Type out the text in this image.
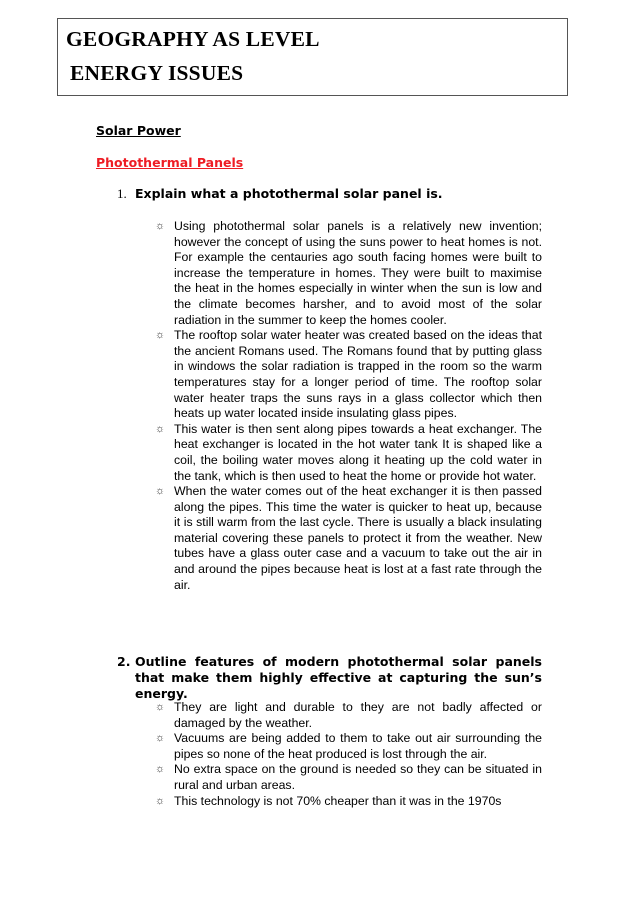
GEOGRAPHY AS LEVEL
ENERGY ISSUES
Solar Power
Photothermal Panels
1. Explain what a photothermal solar panel is.
☼ Using photothermal solar panels is a relatively new invention; however the concept of using the suns power to heat homes is not. For example the centauries ago south facing homes were built to increase the temperature in homes. They were built to maximise the heat in the homes especially in winter when the sun is low and the climate becomes harsher, and to avoid most of the solar radiation in the summer to keep the homes cooler.
☼ The rooftop solar water heater was created based on the ideas that the ancient Romans used. The Romans found that by putting glass in windows the solar radiation is trapped in the room so the warm temperatures stay for a longer period of time. The rooftop solar water heater traps the suns rays in a glass collector which then heats up water located inside insulating glass pipes.
☼ This water is then sent along pipes towards a heat exchanger. The heat exchanger is located in the hot water tank It is shaped like a coil, the boiling water moves along it heating up the cold water in the tank, which is then used to heat the home or provide hot water.
☼ When the water comes out of the heat exchanger it is then passed along the pipes. This time the water is quicker to heat up, because it is still warm from the last cycle. There is usually a black insulating material covering these panels to protect it from the weather. New tubes have a glass outer case and a vacuum to take out the air in and around the pipes because heat is lost at a fast rate through the air.
2. Outline features of modern photothermal solar panels that make them highly effective at capturing the sun’s energy.
☼ They are light and durable to they are not badly affected or damaged by the weather.
☼ Vacuums are being added to them to take out air surrounding the pipes so none of the heat produced is lost through the air.
☼ No extra space on the ground is needed so they can be situated in rural and urban areas.
☼ This technology is not 70% cheaper than it was in the 1970s
